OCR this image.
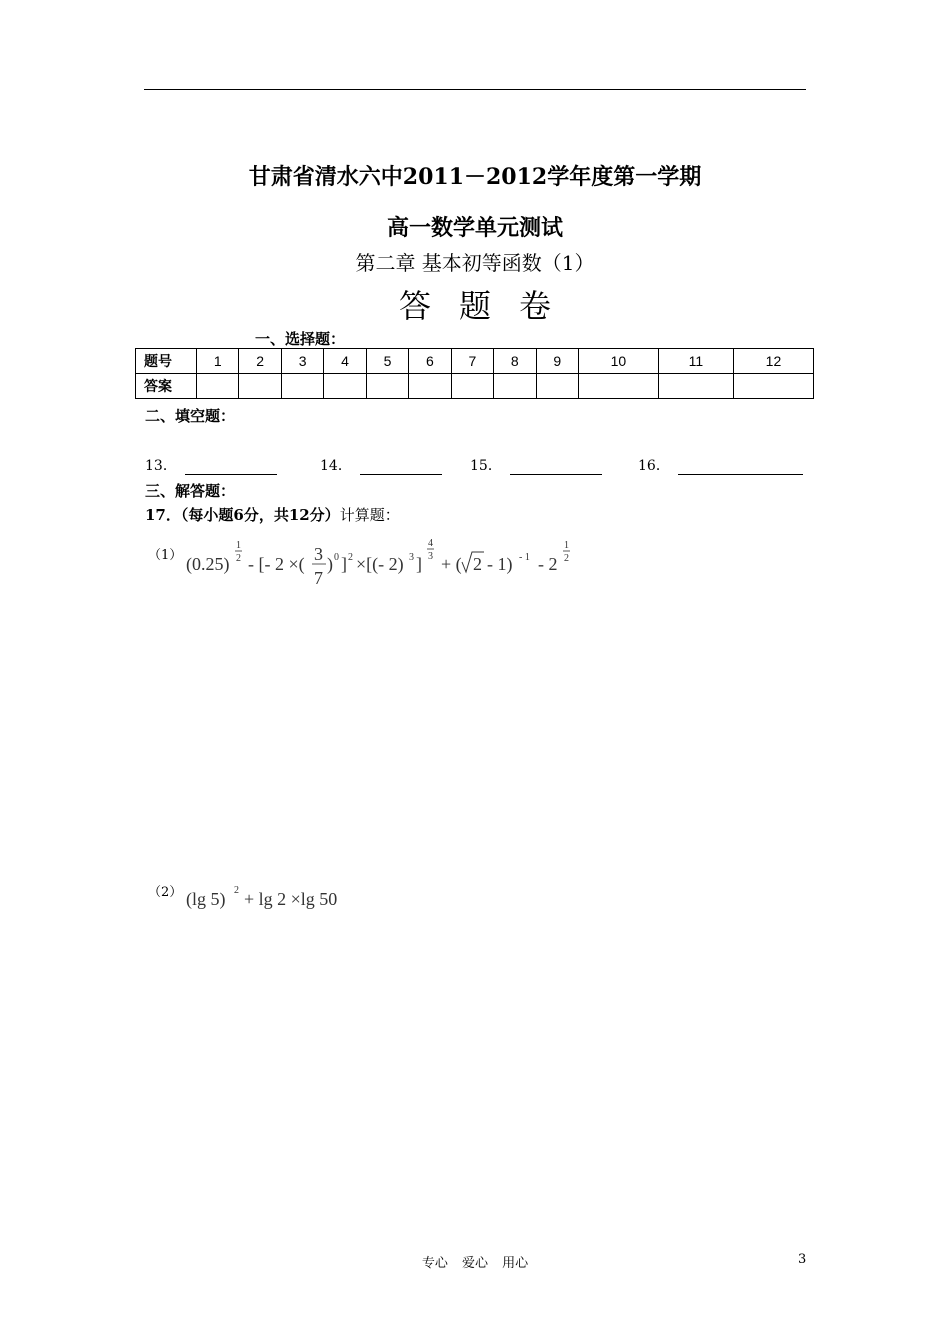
甘肃省清水六中2011－2012学年度第一学期
高一数学单元测试
第二章 基本初等函数（1）
答题卷
一、选择题：
题号	1	2	3	4	5	6	7	8	9	10	11	12
答案												
二、填空题：
13．	14．	15．	16．
三、解答题：
17．（每小题6分，共12分）计算题：
（1） (0.25)
1
2 - [- 2 ×( 3
7
) 0 ] 2 ×[(- 2) 3 ]
4
3 + ( 2 - 1) - 1 - 2
1
2
（2） (lg 5) 2 + lg 2 ×lg 50
专心 爱心 用心	3
